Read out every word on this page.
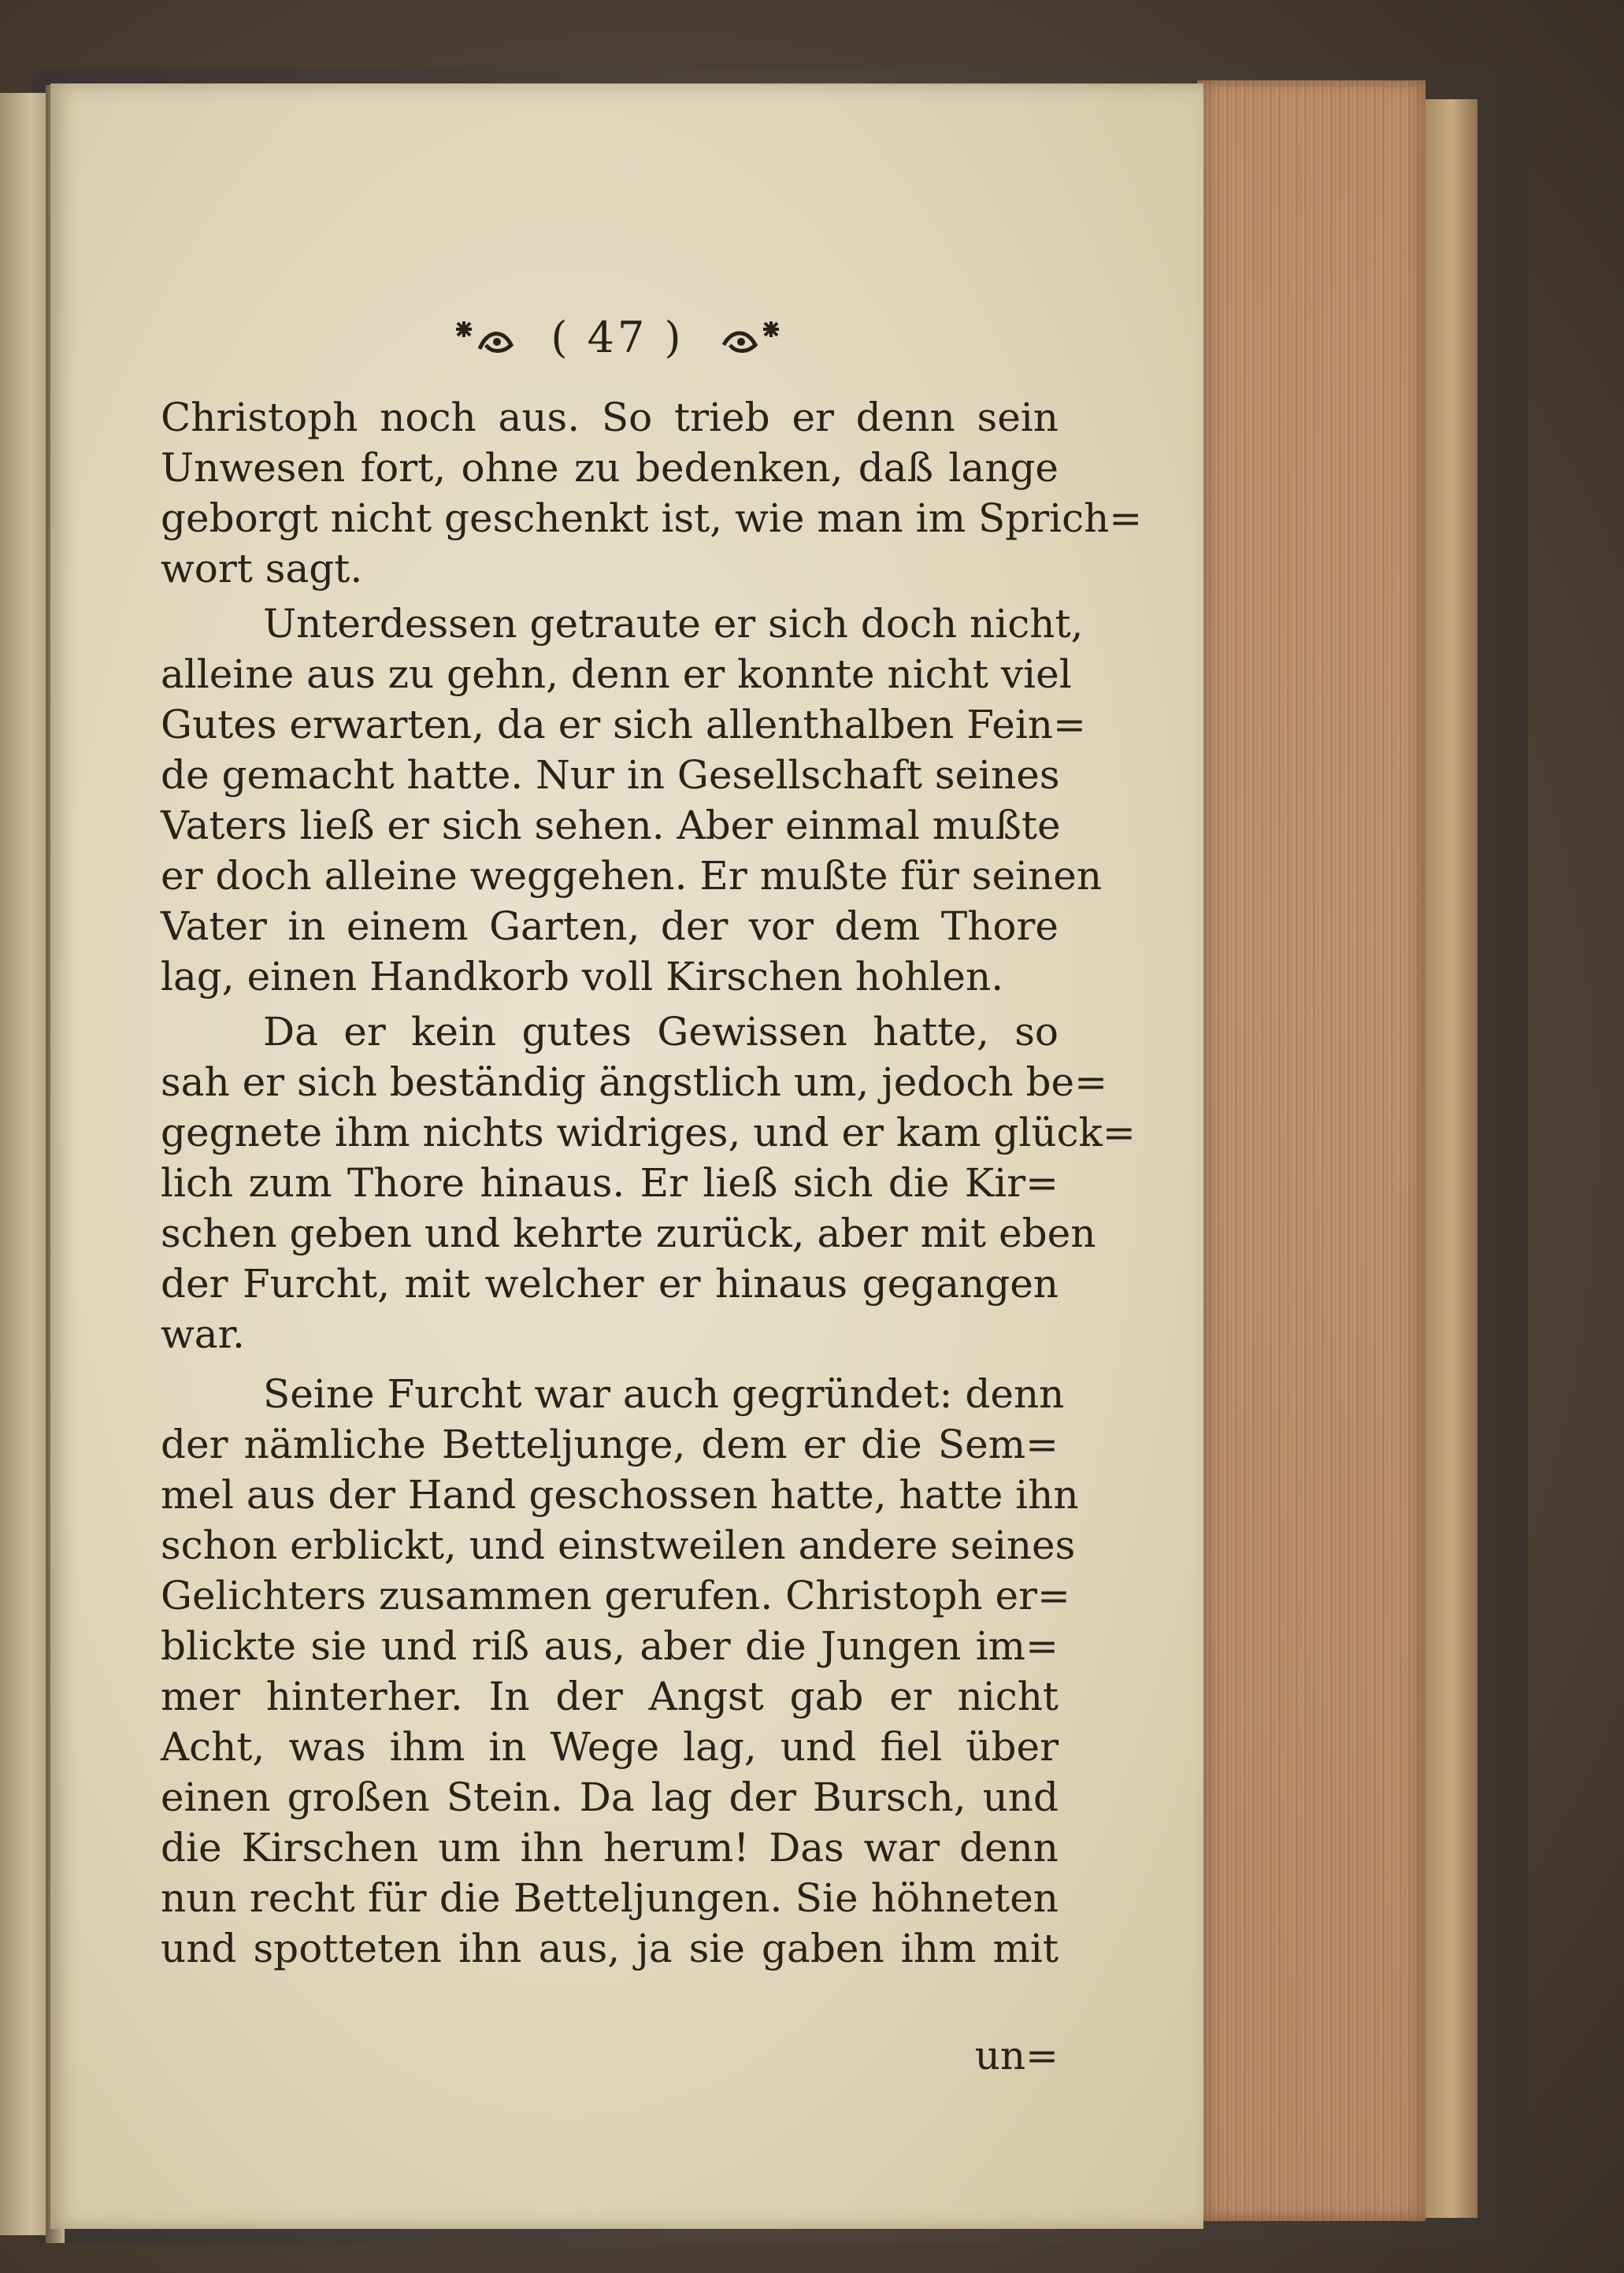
( 47 )
Christoph noch aus. So trieb er denn sein
Unwesen fort, ohne zu bedenken, daß lange
geborgt nicht geschenkt ist, wie man im Sprich=
wort sagt.
Unterdessen getraute er sich doch nicht,
alleine aus zu gehn, denn er konnte nicht viel
Gutes erwarten, da er sich allenthalben Fein=
de gemacht hatte. Nur in Gesellschaft seines
Vaters ließ er sich sehen. Aber einmal mußte
er doch alleine weggehen. Er mußte für seinen
Vater in einem Garten, der vor dem Thore
lag, einen Handkorb voll Kirschen hohlen.
Da er kein gutes Gewissen hatte, so
sah er sich beständig ängstlich um, jedoch be=
gegnete ihm nichts widriges, und er kam glück=
lich zum Thore hinaus. Er ließ sich die Kir=
schen geben und kehrte zurück, aber mit eben
der Furcht, mit welcher er hinaus gegangen
war.
Seine Furcht war auch gegründet: denn
der nämliche Betteljunge, dem er die Sem=
mel aus der Hand geschossen hatte, hatte ihn
schon erblickt, und einstweilen andere seines
Gelichters zusammen gerufen. Christoph er=
blickte sie und riß aus, aber die Jungen im=
mer hinterher. In der Angst gab er nicht
Acht, was ihm in Wege lag, und fiel über
einen großen Stein. Da lag der Bursch, und
die Kirschen um ihn herum! Das war denn
nun recht für die Betteljungen. Sie höhneten
und spotteten ihn aus, ja sie gaben ihm mit
un=
